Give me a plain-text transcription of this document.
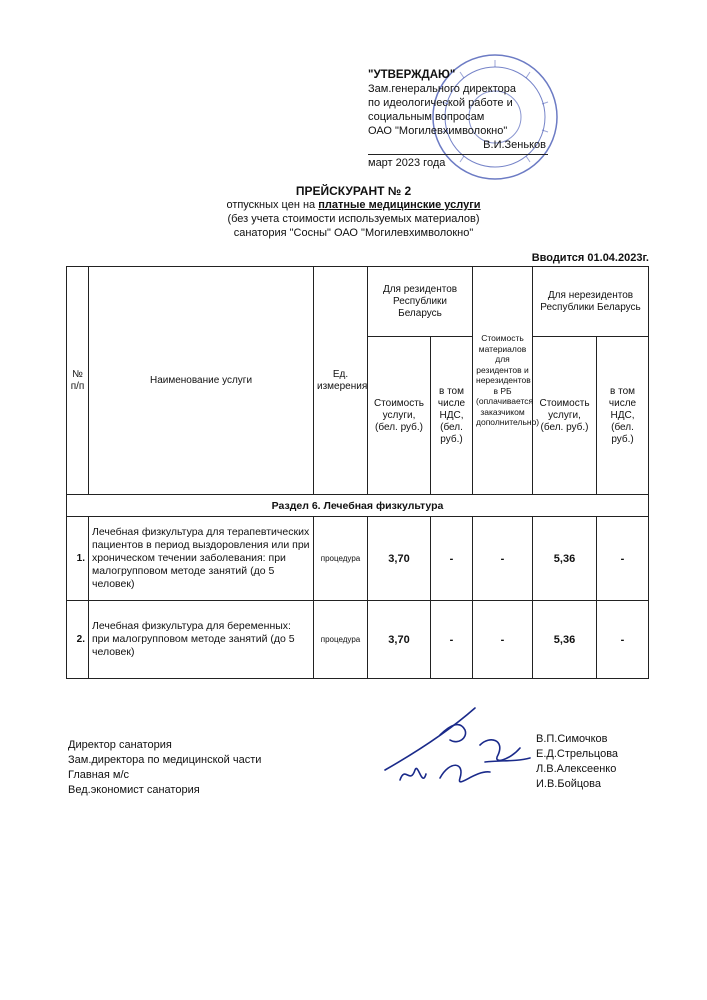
"УТВЕРЖДАЮ"
Зам.генерального директора
по идеологической работе и
социальным вопросам
ОАО "Могилевхимволокно"
В.И.Зеньков
март 2023 года
ПРЕЙСКУРАНТ № 2
отпускных цен на платные медицинские услуги
(без учета стоимости используемых материалов)
санатория "Сосны" ОАО "Могилевхимволокно"
Вводится 01.04.2023г.
№ п/п	Наименование услуги	Ед. измерения	Для резидентов Республики Беларусь		Стоимость материалов для резидентов и нерезидентов в РБ (оплачивается заказчиком дополнительно)	Для нерезидентов Республики Беларусь	
			Стоимость услуги, (бел. руб.)	в том числе НДС, (бел. руб.)		Стоимость услуги, (бел. руб.)	в том числе НДС, (бел. руб.)
Раздел 6. Лечебная физкультура							
1.	Лечебная физкультура для терапевтических пациентов в период выздоровления или при хроническом течении заболевания: при малогрупповом методе занятий (до 5 человек)	процедура	3,70	-	-	5,36	-
2.	Лечебная физкультура для беременных: при малогрупповом методе занятий (до 5 человек)	процедура	3,70	-	-	5,36	-
Директор санатория
Зам.директора по медицинской части
Главная м/с
Вед.экономист санатория
В.П.Симочков
Е.Д.Стрельцова
Л.В.Алексеенко
И.В.Бойцова
